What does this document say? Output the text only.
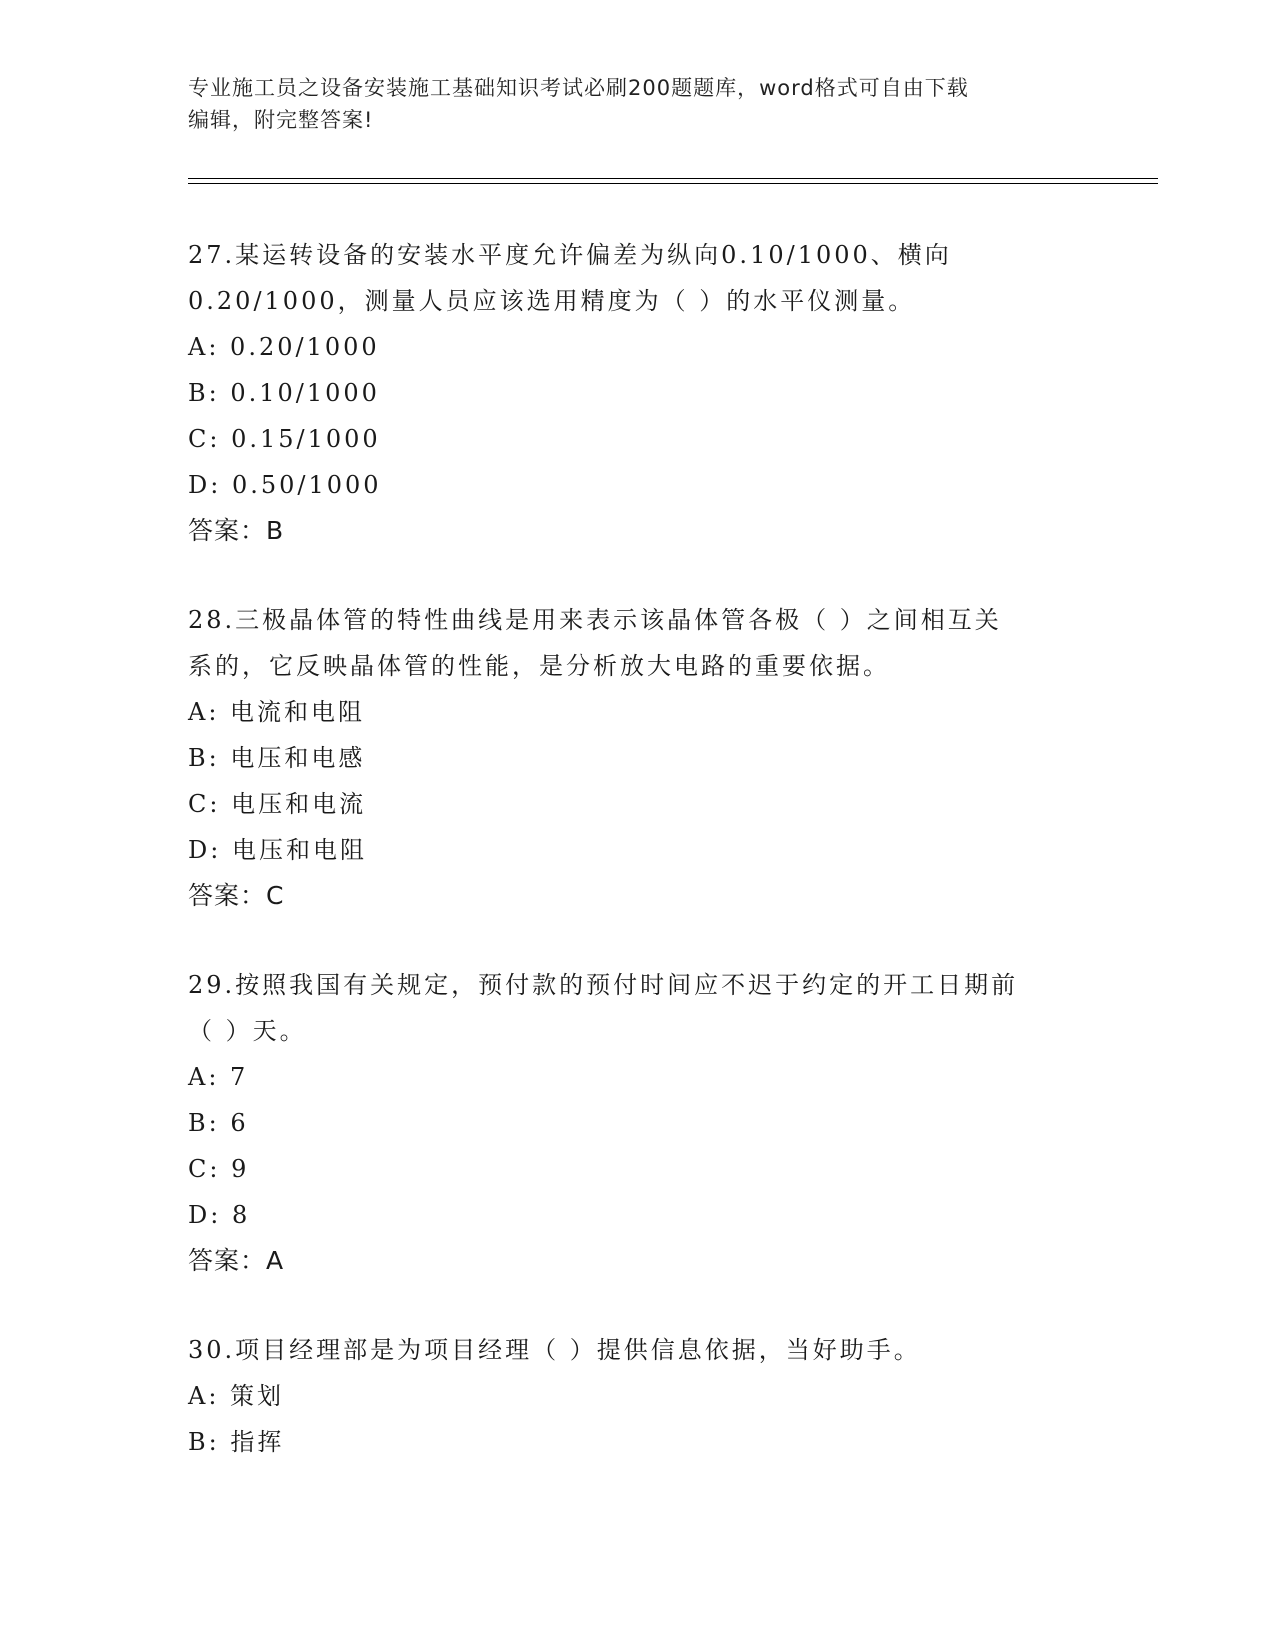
专业施工员之设备安装施工基础知识考试必刷200题题库，word格式可自由下载
编辑，附完整答案!
27.某运转设备的安装水平度允许偏差为纵向0.10/1000、横向
0.20/1000，测量人员应该选用精度为（ ）的水平仪测量。
A: 0.20/1000
B: 0.10/1000
C: 0.15/1000
D: 0.50/1000
答案：B
28.三极晶体管的特性曲线是用来表示该晶体管各极（ ）之间相互关
系的，它反映晶体管的性能，是分析放大电路的重要依据。
A: 电流和电阻
B: 电压和电感
C: 电压和电流
D: 电压和电阻
答案：C
29.按照我国有关规定，预付款的预付时间应不迟于约定的开工日期前
（ ）天。
A: 7
B: 6
C: 9
D: 8
答案：A
30.项目经理部是为项目经理（ ）提供信息依据，当好助手。
A: 策划
B: 指挥
